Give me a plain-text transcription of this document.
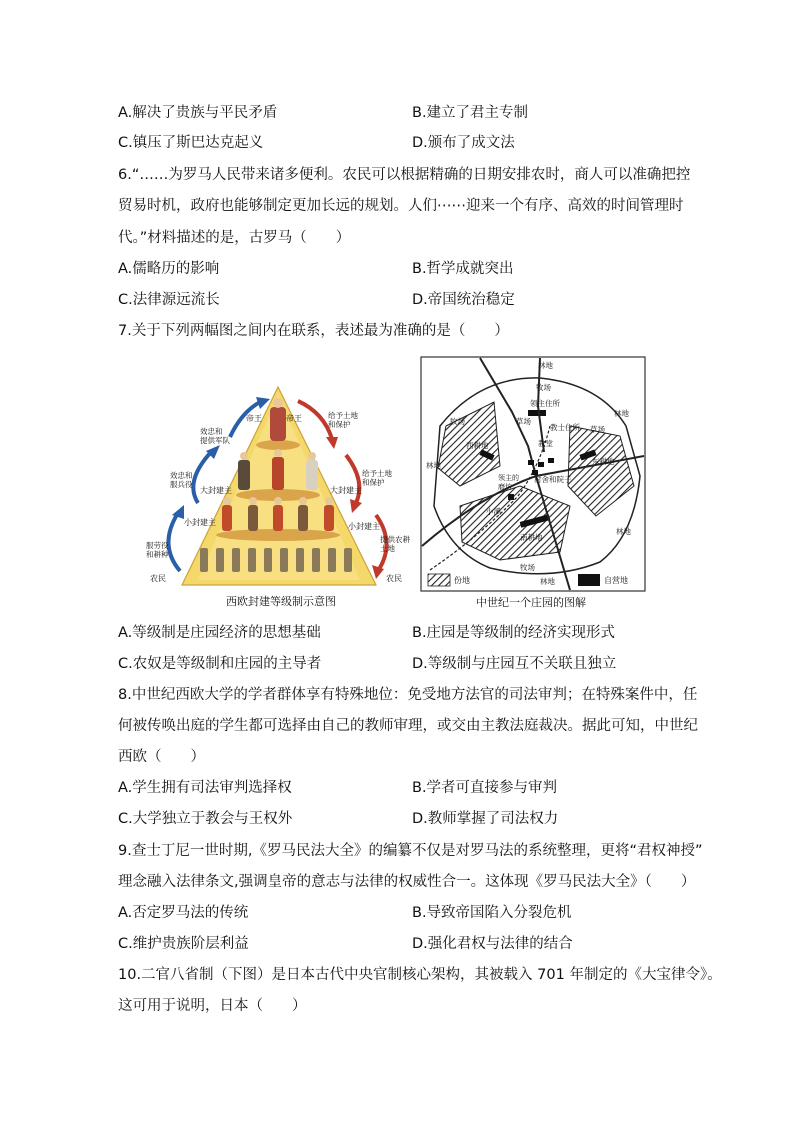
A.解决了贵族与平民矛盾	B.建立了君主专制
C.镇压了斯巴达克起义	D.颁布了成文法
6.“……为罗马人民带来诸多便利。农民可以根据精确的日期安排农时，商人可以准确把控
贸易时机，政府也能够制定更加长远的规划。人们⋯⋯迎来一个有序、高效的时间管理时
代。”材料描述的是，古罗马（　　）
A.儒略历的影响	B.哲学成就突出
C.法律源远流长	D.帝国统治稳定
7.关于下列两幅图之间内在联系，表述最为准确的是（　　）
帝王	帝王
大封建主	大封建主
小封建主	小封建主
农民	农民
效忠和
提供军队
效忠和
服兵役
服劳役
和耕种
给予土地
和保护
给予土地
和保护
提供农耕
土地
西欧封建等级制示意图
林地
牧场
领主住所
草场
教士住所
教堂
林地
牧场
西耕地
草场
东耕地
林地
领主的磨坊
村舍和院子
小溪
林地
南耕地
牧场
林地
份地	自营地
中世纪一个庄园的图解
A.等级制是庄园经济的思想基础	B.庄园是等级制的经济实现形式
C.农奴是等级制和庄园的主导者	D.等级制与庄园互不关联且独立
8.中世纪西欧大学的学者群体享有特殊地位：免受地方法官的司法审判；在特殊案件中，任
何被传唤出庭的学生都可选择由自己的教师审理，或交由主教法庭裁决。据此可知，中世纪
西欧（　　）
A.学生拥有司法审判选择权	B.学者可直接参与审判
C.大学独立于教会与王权外	D.教师掌握了司法权力
9.查士丁尼一世时期,《罗马民法大全》的编纂不仅是对罗马法的系统整理，更将“君权神授”
理念融入法律条文,强调皇帝的意志与法律的权威性合一。这体现《罗马民法大全》（　　）
A.否定罗马法的传统	B.导致帝国陷入分裂危机
C.维护贵族阶层利益	D.强化君权与法律的结合
10.二官八省制（下图）是日本古代中央官制核心架构，其被载入 701 年制定的《大宝律令》。
这可用于说明，日本（　　）
